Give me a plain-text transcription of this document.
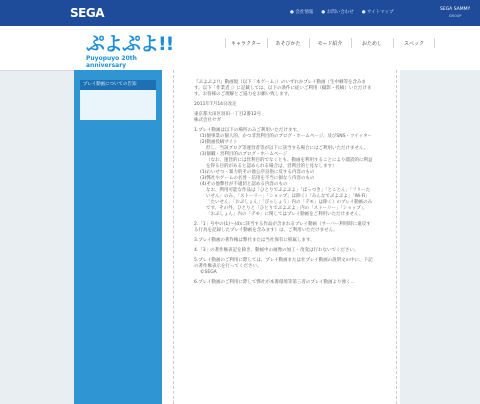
SEGA	● 会社情報 ● お問い合わせ ● サイトマップ
SEGA SAMMY
GROUP
ぷよぷよ!!
Puyopuyo 20th anniversary
キャラクター	あそびかた	モード紹介	おためし	スペック
プレイ動画についての告知	『ぷよぷよ!!』動画規（以下「本ゲーム」）のいずれかプレイ動画（生中継等を含みます。以下「作業者」）に記載しては、以下の条件に従いご利用（撮影・投稿）いただけます。お客様のご理解とご協力をお願い致します。

2011年7月14日改定
東京都大田区羽田一丁目2番12号
株式会社セガ
1.プレイ動画は以下の場所のみご利用いただけます。
(1)個事業の個人的、かつ非営利目的のブログ・ホームページ、及びSNS・ツイッター
(2)動画投稿サイト
但し、当該ブログ等運営者等が以下に該当する場合にはご利用いただけません。
(3)個職・営利目的のブログ・ホームページ
（なお、運営的には営利目的でなくとも、動画を利用することにより閲読的に利益を得る目的があると認められる場合は、営利目的と見なします）
(1)わいせつ・暴力的その他公序良俗に反する内容のもの
(3)弊社やゲームの名誉・信用を不当に損なう内容のもの
(4)その他弊社が不適切と認める内容のもの
なお、利用可能な作品は「ひとりでぷよぷよ」「ぱっつき」「とことん」「フリーたいせん」のみ、「ストーリー」「ショップ」は除く）「みんなでぷよぷよ」「Wi-Fi」「たいせん」「おぷしょん」「ぴゃしょう」内の「デモ」は除く）のプレイ動画のみです。その外、ひとりと「ひとりでぷよぷよ」内の「ストーリー」「ショップ」、「おぷしょん」内の「デモ」に関してはプレイ動画をご利用いただけません。

2.「1」号中の(1)〜(4)に該当する作品が含まれるプレイ動画（サーバー利用時に違反する行為を記録したプレイ動画を含みます）は、ご利用いただけません。

3.プレイ動画の著作権は弊社または当社保有に帰属します。

4.「3」の著作権表記を除き、動画中の画像の加工・改変は行わないでください。

5.プレイ動画のご利用に際しては、プレイ動画または社プレイ動画の説明文の中に、下記の著作権表示を行ってください。
©SEGA

6.プレイ動画のご利用に際して弊社が本番環境等第三者のプレイ動画より強く…
